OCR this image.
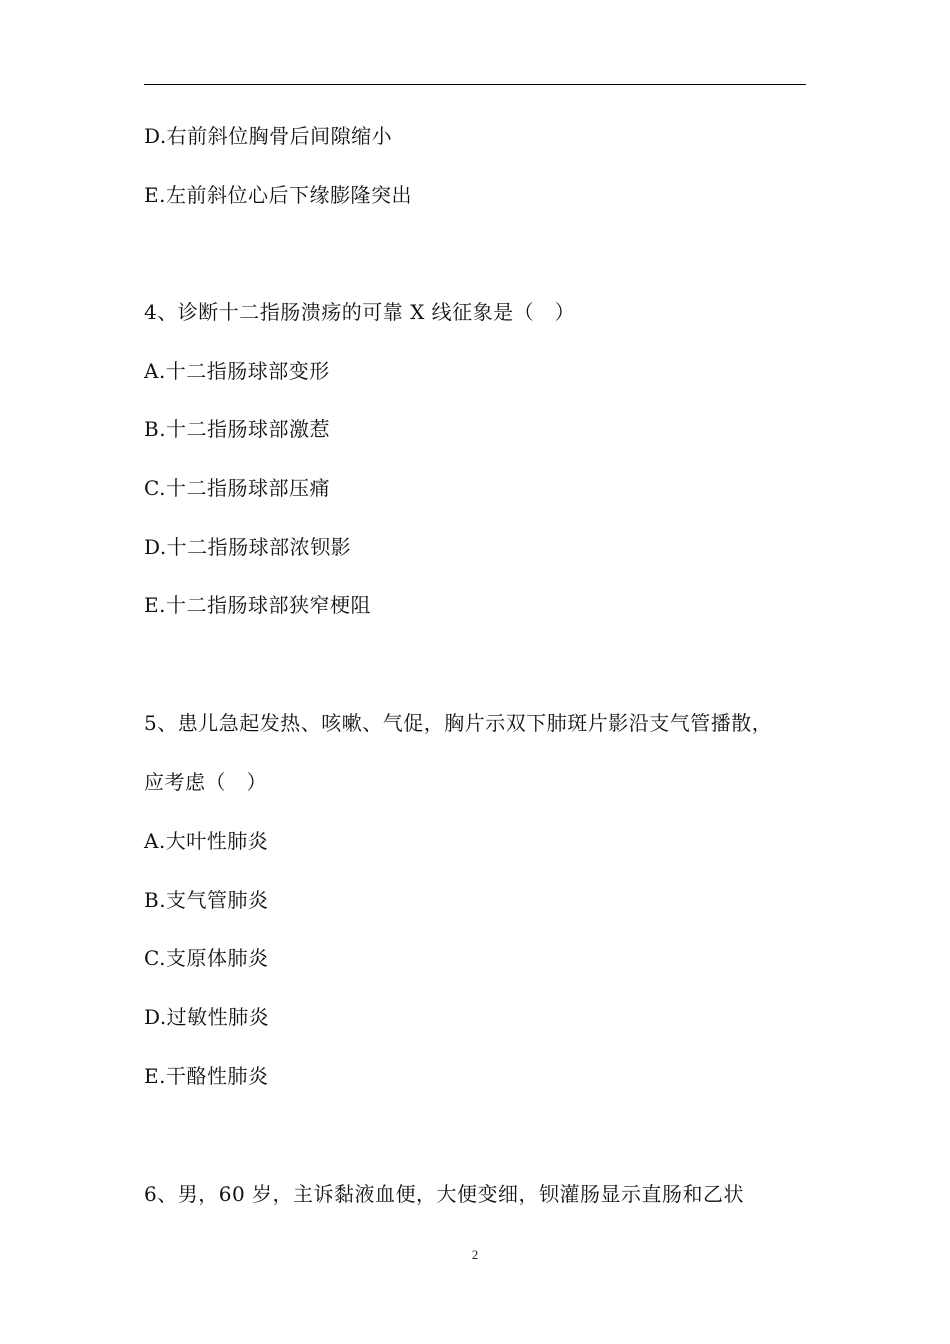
D.右前斜位胸骨后间隙缩小
E.左前斜位心后下缘膨隆突出
4、诊断十二指肠溃疡的可靠 X 线征象是（　）
A.十二指肠球部变形
B.十二指肠球部激惹
C.十二指肠球部压痛
D.十二指肠球部浓钡影
E.十二指肠球部狭窄梗阻
5、患儿急起发热、咳嗽、气促，胸片示双下肺斑片影沿支气管播散，
应考虑（　）
A.大叶性肺炎
B.支气管肺炎
C.支原体肺炎
D.过敏性肺炎
E.干酪性肺炎
6、男，60 岁，主诉黏液血便，大便变细，钡灌肠显示直肠和乙状
2
